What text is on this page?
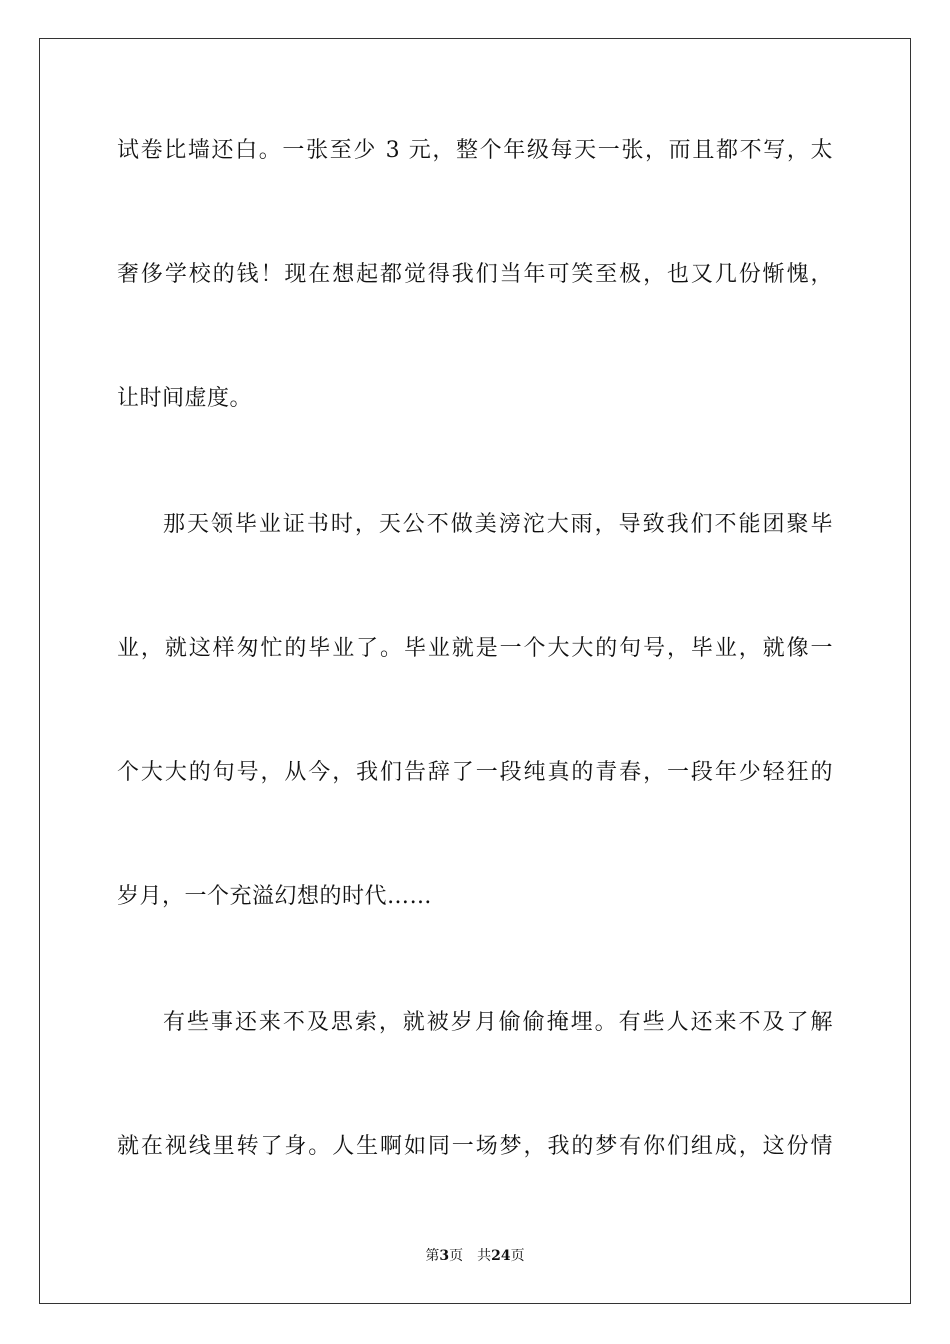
试卷比墙还白。一张至少 3 元，整个年级每天一张，而且都不写，太
奢侈学校的钱！现在想起都觉得我们当年可笑至极，也又几份惭愧，
让时间虚度。
那天领毕业证书时，天公不做美滂沱大雨，导致我们不能团聚毕
业，就这样匆忙的毕业了。毕业就是一个大大的句号，毕业，就像一
个大大的句号，从今，我们告辞了一段纯真的青春，一段年少轻狂的
岁月，一个充溢幻想的时代……
有些事还来不及思索，就被岁月偷偷掩埋。有些人还来不及了解
就在视线里转了身。人生啊如同一场梦，我的梦有你们组成，这份情
第3页 共24页
